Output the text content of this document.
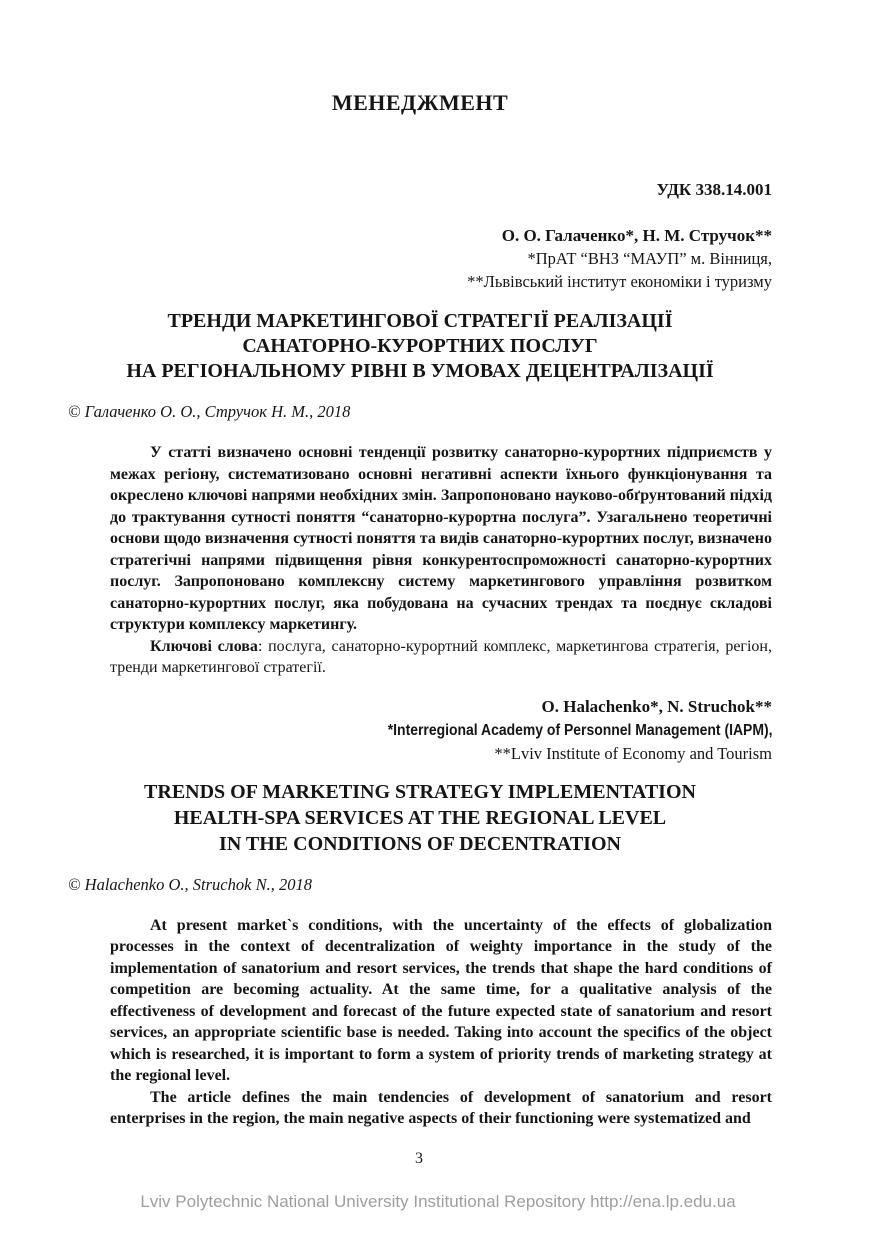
МЕНЕДЖМЕНТ
УДК 338.14.001
О. О. Галаченко*, Н. М. Стручок**
*ПрАТ “ВНЗ “МАУП” м. Вінниця,
**Львівський інститут економіки і туризму
ТРЕНДИ МАРКЕТИНГОВОЇ СТРАТЕГІЇ РЕАЛІЗАЦІЇ
САНАТОРНО-КУРОРТНИХ ПОСЛУГ
НА РЕГІОНАЛЬНОМУ РІВНІ В УМОВАХ ДЕЦЕНТРАЛІЗАЦІЇ
© Галаченко О. О., Стручок Н. М., 2018

У статті визначено основні тенденції розвитку санаторно-курортних підприємств у межах регіону, систематизовано основні негативні аспекти їхнього функціонування та окреслено ключові напрями необхідних змін. Запропоновано науково-обґрунтований підхід до трактування сутності поняття “санаторно-курортна послуга”. Узагальнено теоретичні основи щодо визначення сутності поняття та видів санаторно-курортних послуг, визначено стратегічні напрями підвищення рівня конкурентоспроможності санаторно-курортних послуг. Запропоновано комплексну систему маркетингового управління розвитком санаторно-курортних послуг, яка побудована на сучасних трендах та поєднує складові структури комплексу маркетингу.

Ключові слова: послуга, санаторно-курортний комплекс, маркетингова стратегія, регіон, тренди маркетингової стратегії.

O. Halachenko*, N. Struchok**
*Interregional Academy of Personnel Management (IAPM),
**Lviv Institute of Economy and Tourism
TRENDS OF MARKETING STRATEGY IMPLEMENTATION
HEALTH-SPA SERVICES AT THE REGIONAL LEVEL
IN THE CONDITIONS OF DECENTRATION
© Halachenko O., Struchok N., 2018

At present market`s conditions, with the uncertainty of the effects of globalization processes in the context of decentralization of weighty importance in the study of the implementation of sanatorium and resort services, the trends that shape the hard conditions of competition are becoming actuality. At the same time, for a qualitative analysis of the effectiveness of development and forecast of the future expected state of sanatorium and resort services, an appropriate scientific base is needed. Taking into account the specifics of the object which is researched, it is important to form a system of priority trends of marketing strategy at the regional level.

The article defines the main tendencies of development of sanatorium and resort enterprises in the region, the main negative aspects of their functioning were systematized and

3
Lviv Polytechnic National University Institutional Repository http://ena.lp.edu.ua
